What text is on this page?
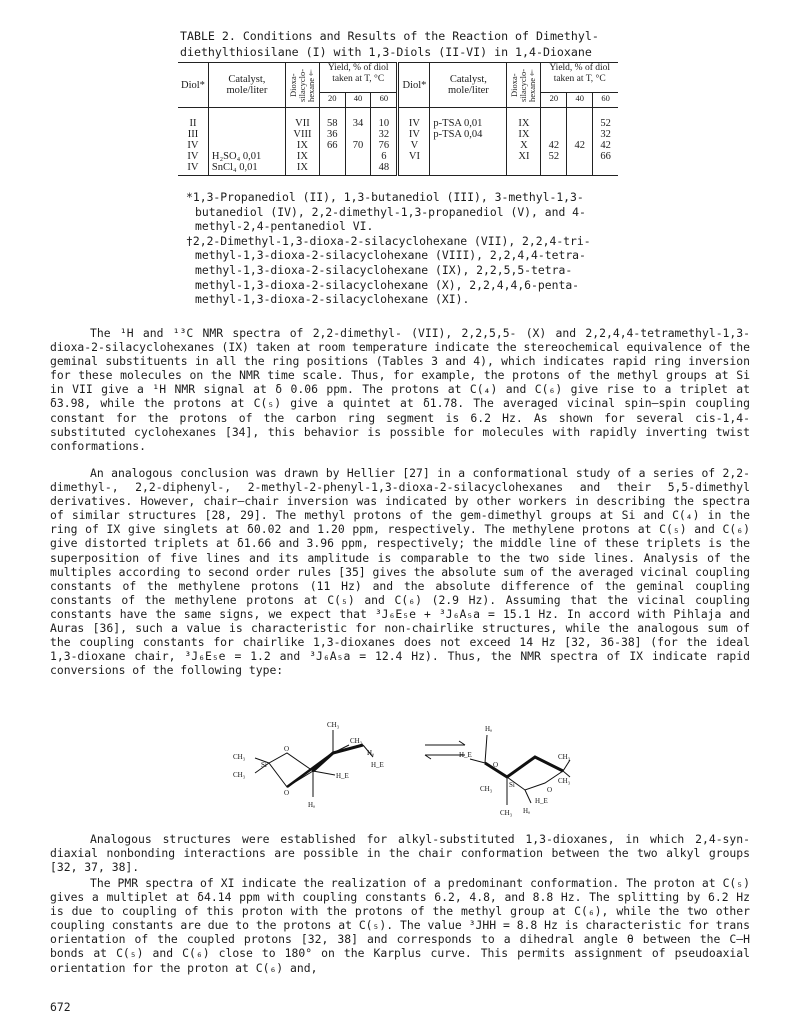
TABLE 2. Conditions and Results of the Reaction of Dimethyl-
diethylthiosilane (I) with 1,3-Diols (II-VI) in 1,4-Dioxane
Diol*	Catalyst, mole/liter	Dioxa-silacyclo-hexane†	Yield, % of diol taken at T, °C			Diol*	Catalyst, mole/liter	Dioxa-silacyclo-hexane†	Yield, % of diol taken at T, °C		
			20	40	60				20	40	60
II		VII	58	34	10	IV	p-TSA 0,01	IX			52
III		VIII	36		32	IV	p-TSA 0,04	IX			32
IV		IX	66	70	76	V		X	42	42	42
IV	H₂SO₄ 0,01	IX			6	VI		XI	52		66
IV	SnCl₄ 0,01	IX			48						

*1,3-Propanediol (II), 1,3-butanediol (III), 3-methyl-1,3-
butanediol (IV), 2,2-dimethyl-1,3-propanediol (V), and 4-
methyl-2,4-pentanediol VI.

†2,2-Dimethyl-1,3-dioxa-2-silacyclohexane (VII), 2,2,4-tri-
methyl-1,3-dioxa-2-silacyclohexane (VIII), 2,2,4,4-tetra-
methyl-1,3-dioxa-2-silacyclohexane (IX), 2,2,5,5-tetra-
methyl-1,3-dioxa-2-silacyclohexane (X), 2,2,4,4,6-penta-
methyl-1,3-dioxa-2-silacyclohexane (XI).

The ¹H and ¹³C NMR spectra of 2,2-dimethyl- (VII), 2,2,5,5- (X) and 2,2,4,4-tetramethyl-1,3-dioxa-2-silacyclohexanes (IX) taken at room temperature indicate the stereochemical equivalence of the geminal substituents in all the ring positions (Tables 3 and 4), which indicates rapid ring inversion for these molecules on the NMR time scale. Thus, for example, the protons of the methyl groups at Si in VII give a ¹H NMR signal at δ 0.06 ppm. The protons at C(₄) and C(₆) give rise to a triplet at δ3.98, while the protons at C(₅) give a quintet at δ1.78. The averaged vicinal spin–spin coupling constant for the protons of the carbon ring segment is 6.2 Hz. As shown for several cis-1,4-substituted cyclohexanes [34], this behavior is possible for molecules with rapidly inverting twist conformations.

An analogous conclusion was drawn by Hellier [27] in a conformational study of a series of 2,2-dimethyl-, 2,2-diphenyl-, 2-methyl-2-phenyl-1,3-dioxa-2-silacyclohexanes and their 5,5-dimethyl derivatives. However, chair–chair inversion was indicated by other workers in describing the spectra of similar structures [28, 29]. The methyl protons of the gem-dimethyl groups at Si and C(₄) in the ring of IX give singlets at δ0.02 and 1.20 ppm, respectively. The methylene protons at C(₅) and C(₆) give distorted triplets at δ1.66 and 3.96 ppm, respectively; the middle line of these triplets is the superposition of five lines and its amplitude is comparable to the two side lines. Analysis of the multiples according to second order rules [35] gives the absolute sum of the averaged vicinal coupling constants of the methylene protons (11 Hz) and the absolute difference of the geminal coupling constants of the methylene protons at C(₅) and C(₆) (2.9 Hz). Assuming that the vicinal coupling constants have the same signs, we expect that ³J₆E₅e + ³J₆A₅a = 15.1 Hz. In accord with Pihlaja and Auras [36], such a value is characteristic for non-chairlike structures, while the analogous sum of the coupling constants for chairlike 1,3-dioxanes does not exceed 14 Hz [32, 36-38] (for the ideal 1,3-dioxane chair, ³J₆E₅e = 1.2 and ³J₆A₅a = 12.4 Hz). Thus, the NMR spectra of IX indicate rapid conversions of the following type:

CH₃
CH₃
CH₃
CH₃
Si
O
O
Hₐ
H_E
Hₐ
H_E
Hₐ
H_E	CH₃
CH₃
CH₃
CH₃
Si
O
O
Hₐ
H_E

Analogous structures were established for alkyl-substituted 1,3-dioxanes, in which 2,4-syn-diaxial nonbonding interactions are possible in the chair conformation between the two alkyl groups [32, 37, 38].

The PMR spectra of XI indicate the realization of a predominant conformation. The proton at C(₅) gives a multiplet at δ4.14 ppm with coupling constants 6.2, 4.8, and 8.8 Hz. The splitting by 6.2 Hz is due to coupling of this proton with the protons of the methyl group at C(₆), while the two other coupling constants are due to the protons at C(₅). The value ³JHH = 8.8 Hz is characteristic for trans orientation of the coupled protons [32, 38] and corresponds to a dihedral angle θ between the C–H bonds at C(₅) and C(₆) close to 180° on the Karplus curve. This permits assignment of pseudoaxial orientation for the proton at C(₆) and,

672
